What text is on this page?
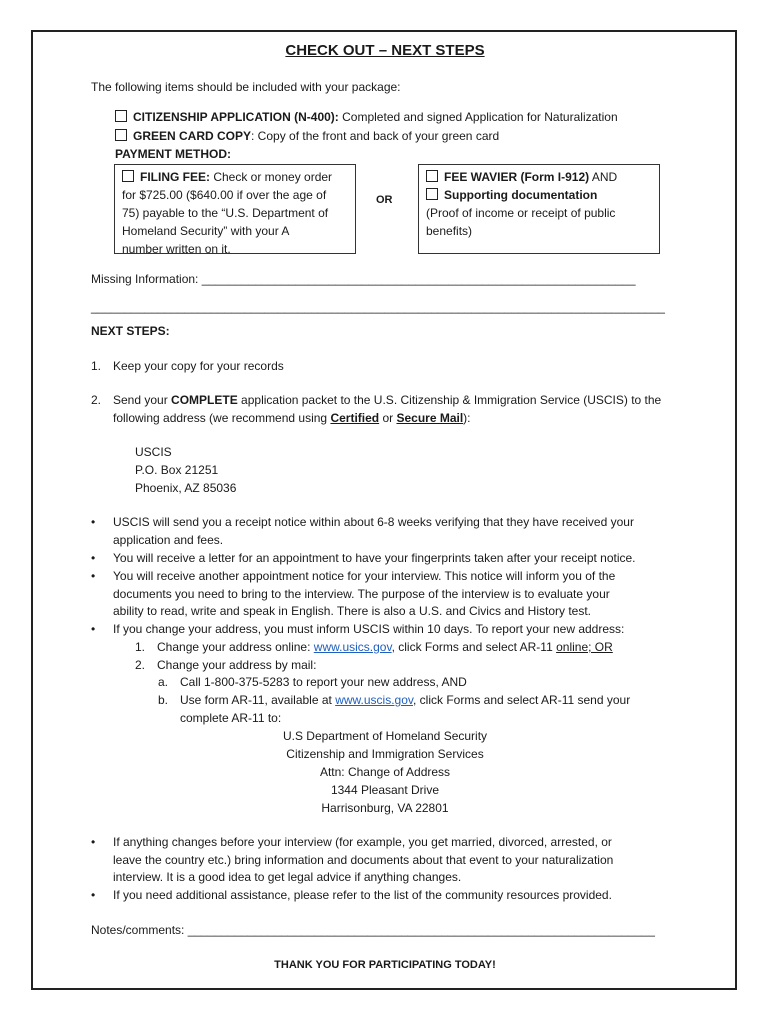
CHECK OUT – NEXT STEPS
The following items should be included with your package:
CITIZENSHIP APPLICATION (N-400): Completed and signed Application for Naturalization
GREEN CARD COPY: Copy of the front and back of your green card
PAYMENT METHOD:
FILING FEE: Check or money order
for $725.00 ($640.00 if over the age of
75) payable to the “U.S. Department of
Homeland Security” with your A
number written on it.
OR
FEE WAVIER (Form I-912) AND
Supporting documentation
(Proof of income or receipt of public
benefits)
Missing Information: _________________________________________________________________
______________________________________________________________________________________
NEXT STEPS:
1. Keep your copy for your records
2. Send your COMPLETE application packet to the U.S. Citizenship & Immigration Service (USCIS) to the
following address (we recommend using Certified or Secure Mail):
USCIS
P.O. Box 21251
Phoenix, AZ 85036
• USCIS will send you a receipt notice within about 6-8 weeks verifying that they have received your
application and fees.
• You will receive a letter for an appointment to have your fingerprints taken after your receipt notice.
• You will receive another appointment notice for your interview. This notice will inform you of the
documents you need to bring to the interview. The purpose of the interview is to evaluate your
ability to read, write and speak in English. There is also a U.S. and Civics and History test.
• If you change your address, you must inform USCIS within 10 days. To report your new address:
1. Change your address online: www.usics.gov, click Forms and select AR-11 online; OR
2. Change your address by mail:
a. Call 1-800-375-5283 to report your new address, AND
b. Use form AR-11, available at www.uscis.gov, click Forms and select AR-11 send your
complete AR-11 to:
U.S Department of Homeland Security
Citizenship and Immigration Services
Attn: Change of Address
1344 Pleasant Drive
Harrisonburg, VA 22801
• If anything changes before your interview (for example, you get married, divorced, arrested, or
leave the country etc.) bring information and documents about that event to your naturalization
interview. It is a good idea to get legal advice if anything changes.
• If you need additional assistance, please refer to the list of the community resources provided.
Notes/comments: ______________________________________________________________________
THANK YOU FOR PARTICIPATING TODAY!
